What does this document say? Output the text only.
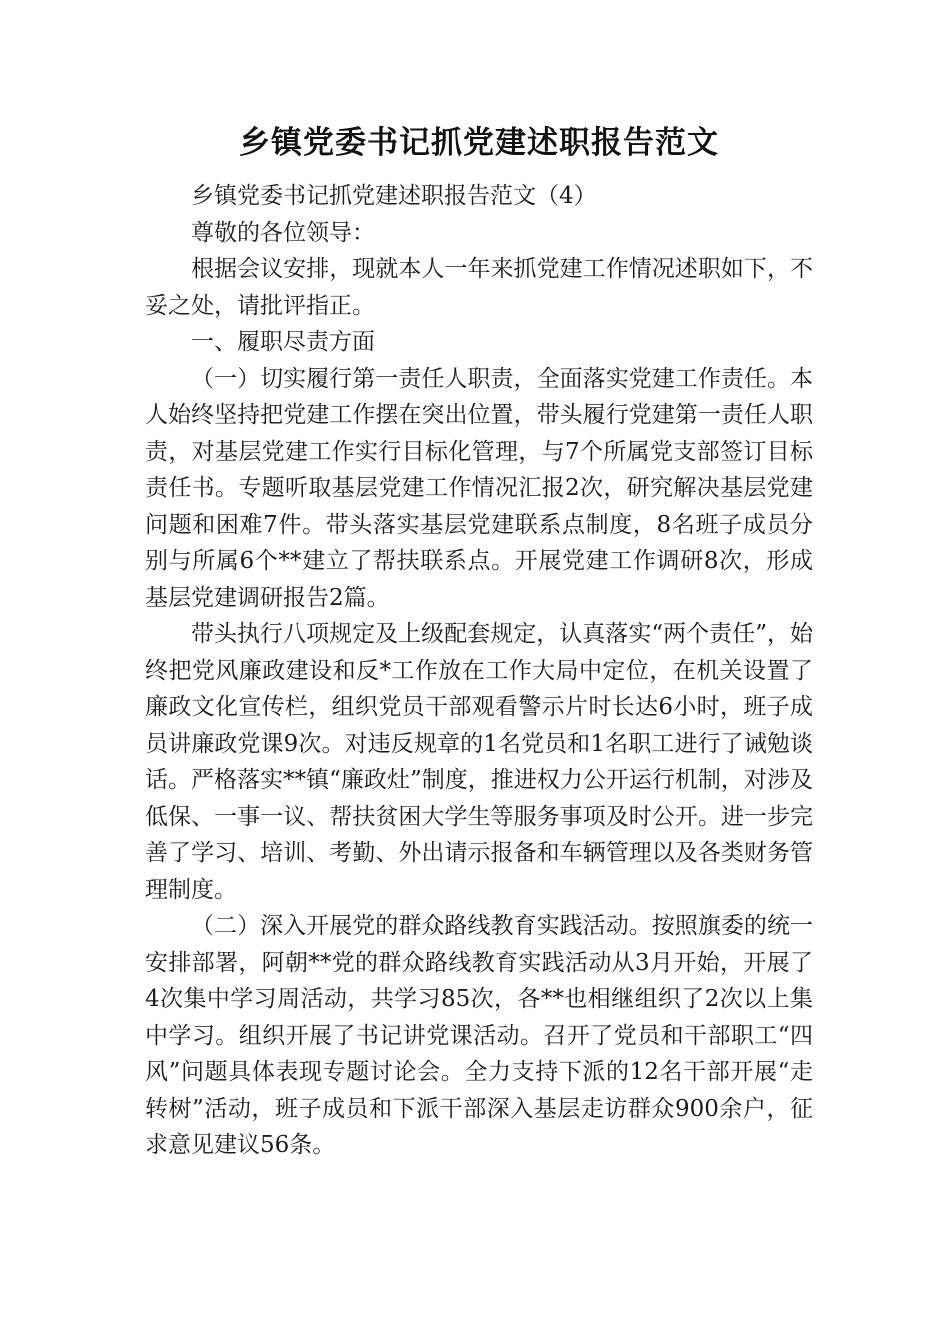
乡镇党委书记抓党建述职报告范文

乡镇党委书记抓党建述职报告范文（4）

尊敬的各位领导：

根据会议安排，现就本人一年来抓党建工作情况述职如下，不妥之处，请批评指正。

一、履职尽责方面

（一）切实履行第一责任人职责，全面落实党建工作责任。本人始终坚持把党建工作摆在突出位置，带头履行党建第一责任人职责，对基层党建工作实行目标化管理，与7个所属党支部签订目标责任书。专题听取基层党建工作情况汇报2次，研究解决基层党建问题和困难7件。带头落实基层党建联系点制度，8名班子成员分别与所属6个**建立了帮扶联系点。开展党建工作调研8次，形成基层党建调研报告2篇。

带头执行八项规定及上级配套规定，认真落实“两个责任”，始终把党风廉政建设和反*工作放在工作大局中定位，在机关设置了廉政文化宣传栏，组织党员干部观看警示片时长达6小时，班子成员讲廉政党课9次。对违反规章的1名党员和1名职工进行了诫勉谈话。严格落实**镇“廉政灶”制度，推进权力公开运行机制，对涉及低保、一事一议、帮扶贫困大学生等服务事项及时公开。进一步完善了学习、培训、考勤、外出请示报备和车辆管理以及各类财务管理制度。

（二）深入开展党的群众路线教育实践活动。按照旗委的统一安排部署，阿朝**党的群众路线教育实践活动从3月开始，开展了4次集中学习周活动，共学习85次，各**也相继组织了2次以上集中学习。组织开展了书记讲党课活动。召开了党员和干部职工“四风”问题具体表现专题讨论会。全力支持下派的12名干部开展“走转树”活动，班子成员和下派干部深入基层走访群众900余户，征求意见建议56条。
